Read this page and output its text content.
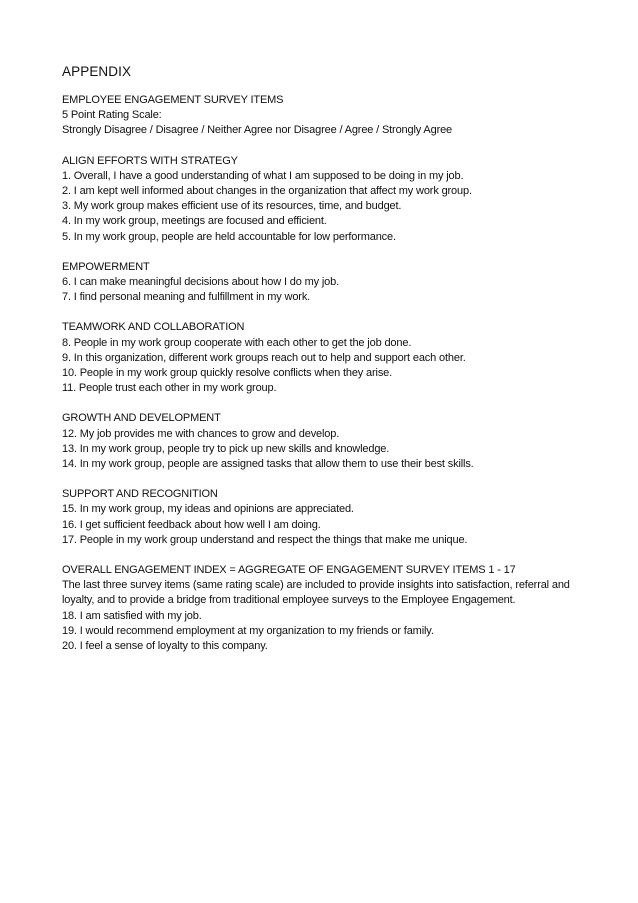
APPENDIX
EMPLOYEE ENGAGEMENT SURVEY ITEMS
5 Point Rating Scale:
Strongly Disagree / Disagree / Neither Agree nor Disagree / Agree / Strongly Agree
ALIGN EFFORTS WITH STRATEGY
1. Overall, I have a good understanding of what I am supposed to be doing in my job.
2. I am kept well informed about changes in the organization that affect my work group.
3. My work group makes efficient use of its resources, time, and budget.
4. In my work group, meetings are focused and efficient.
5. In my work group, people are held accountable for low performance.
EMPOWERMENT
6. I can make meaningful decisions about how I do my job.
7. I find personal meaning and fulfillment in my work.
TEAMWORK AND COLLABORATION
8. People in my work group cooperate with each other to get the job done.
9. In this organization, different work groups reach out to help and support each other.
10. People in my work group quickly resolve conflicts when they arise.
11. People trust each other in my work group.
GROWTH AND DEVELOPMENT
12. My job provides me with chances to grow and develop.
13. In my work group, people try to pick up new skills and knowledge.
14. In my work group, people are assigned tasks that allow them to use their best skills.
SUPPORT AND RECOGNITION
15. In my work group, my ideas and opinions are appreciated.
16. I get sufficient feedback about how well I am doing.
17. People in my work group understand and respect the things that make me unique.
OVERALL ENGAGEMENT INDEX = AGGREGATE OF ENGAGEMENT SURVEY ITEMS 1 - 17
The last three survey items (same rating scale) are included to provide insights into satisfaction, referral and loyalty, and to provide a bridge from traditional employee surveys to the Employee Engagement.
18. I am satisfied with my job.
19. I would recommend employment at my organization to my friends or family.
20. I feel a sense of loyalty to this company.
